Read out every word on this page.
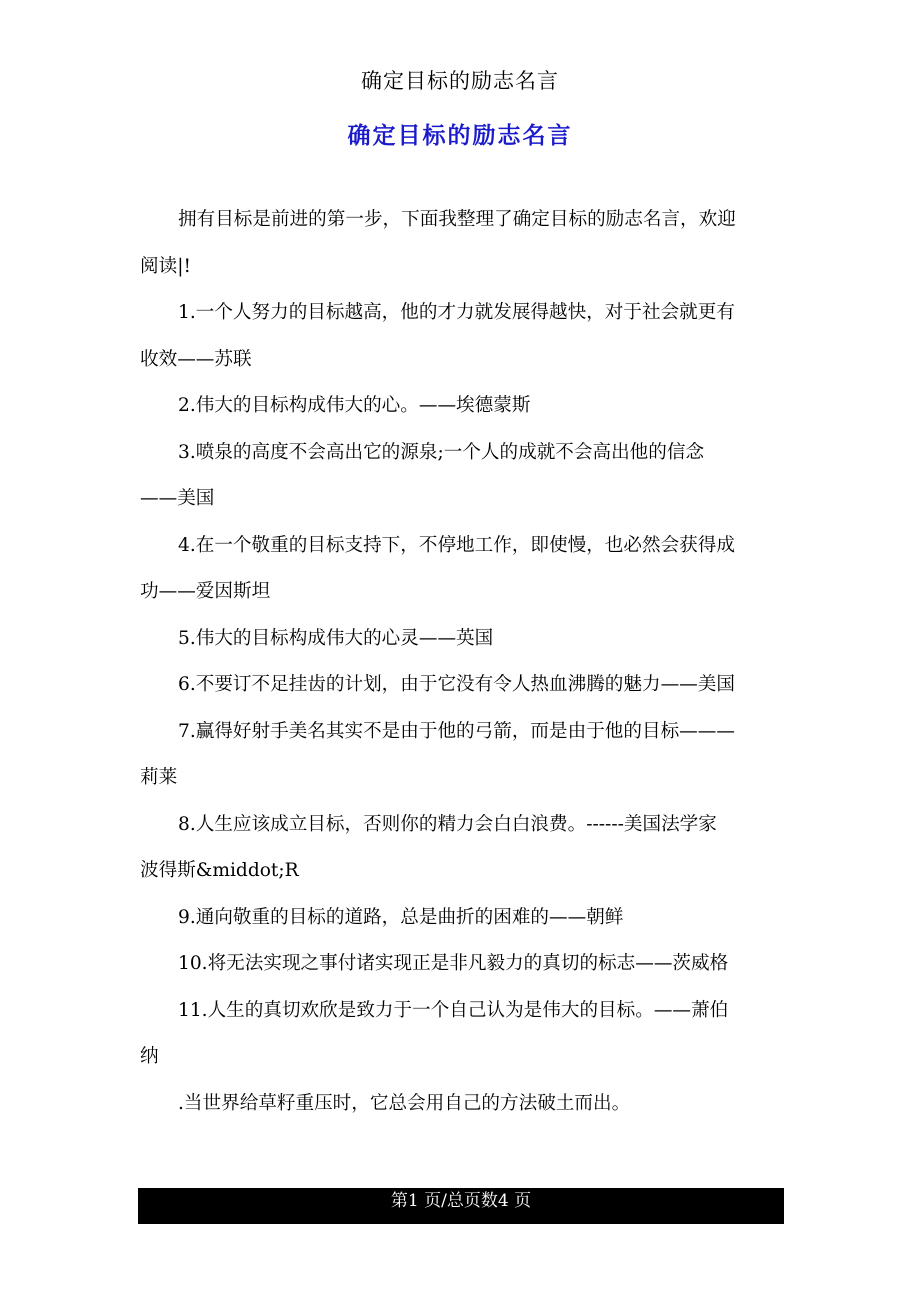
确定目标的励志名言
确定目标的励志名言
拥有目标是前进的第一步，下面我整理了确定目标的励志名言，欢迎
阅读|!
1.一个人努力的目标越高，他的才力就发展得越快，对于社会就更有
收效——苏联
2.伟大的目标构成伟大的心。——埃德蒙斯
3.喷泉的高度不会高出它的源泉;一个人的成就不会高出他的信念
——美国
4.在一个敬重的目标支持下，不停地工作，即使慢，也必然会获得成
功——爱因斯坦
5.伟大的目标构成伟大的心灵——英国
6.不要订不足挂齿的计划，由于它没有令人热血沸腾的魅力——美国
7.赢得好射手美名其实不是由于他的弓箭，而是由于他的目标———
莉莱
8.人生应该成立目标，否则你的精力会白白浪费。------美国法学家
波得斯&middot;R
9.通向敬重的目标的道路，总是曲折的困难的——朝鲜
10.将无法实现之事付诸实现正是非凡毅力的真切的标志——茨威格
11.人生的真切欢欣是致力于一个自己认为是伟大的目标。——萧伯
纳
.当世界给草籽重压时，它总会用自己的方法破土而出。
第1 页/总页数4 页
